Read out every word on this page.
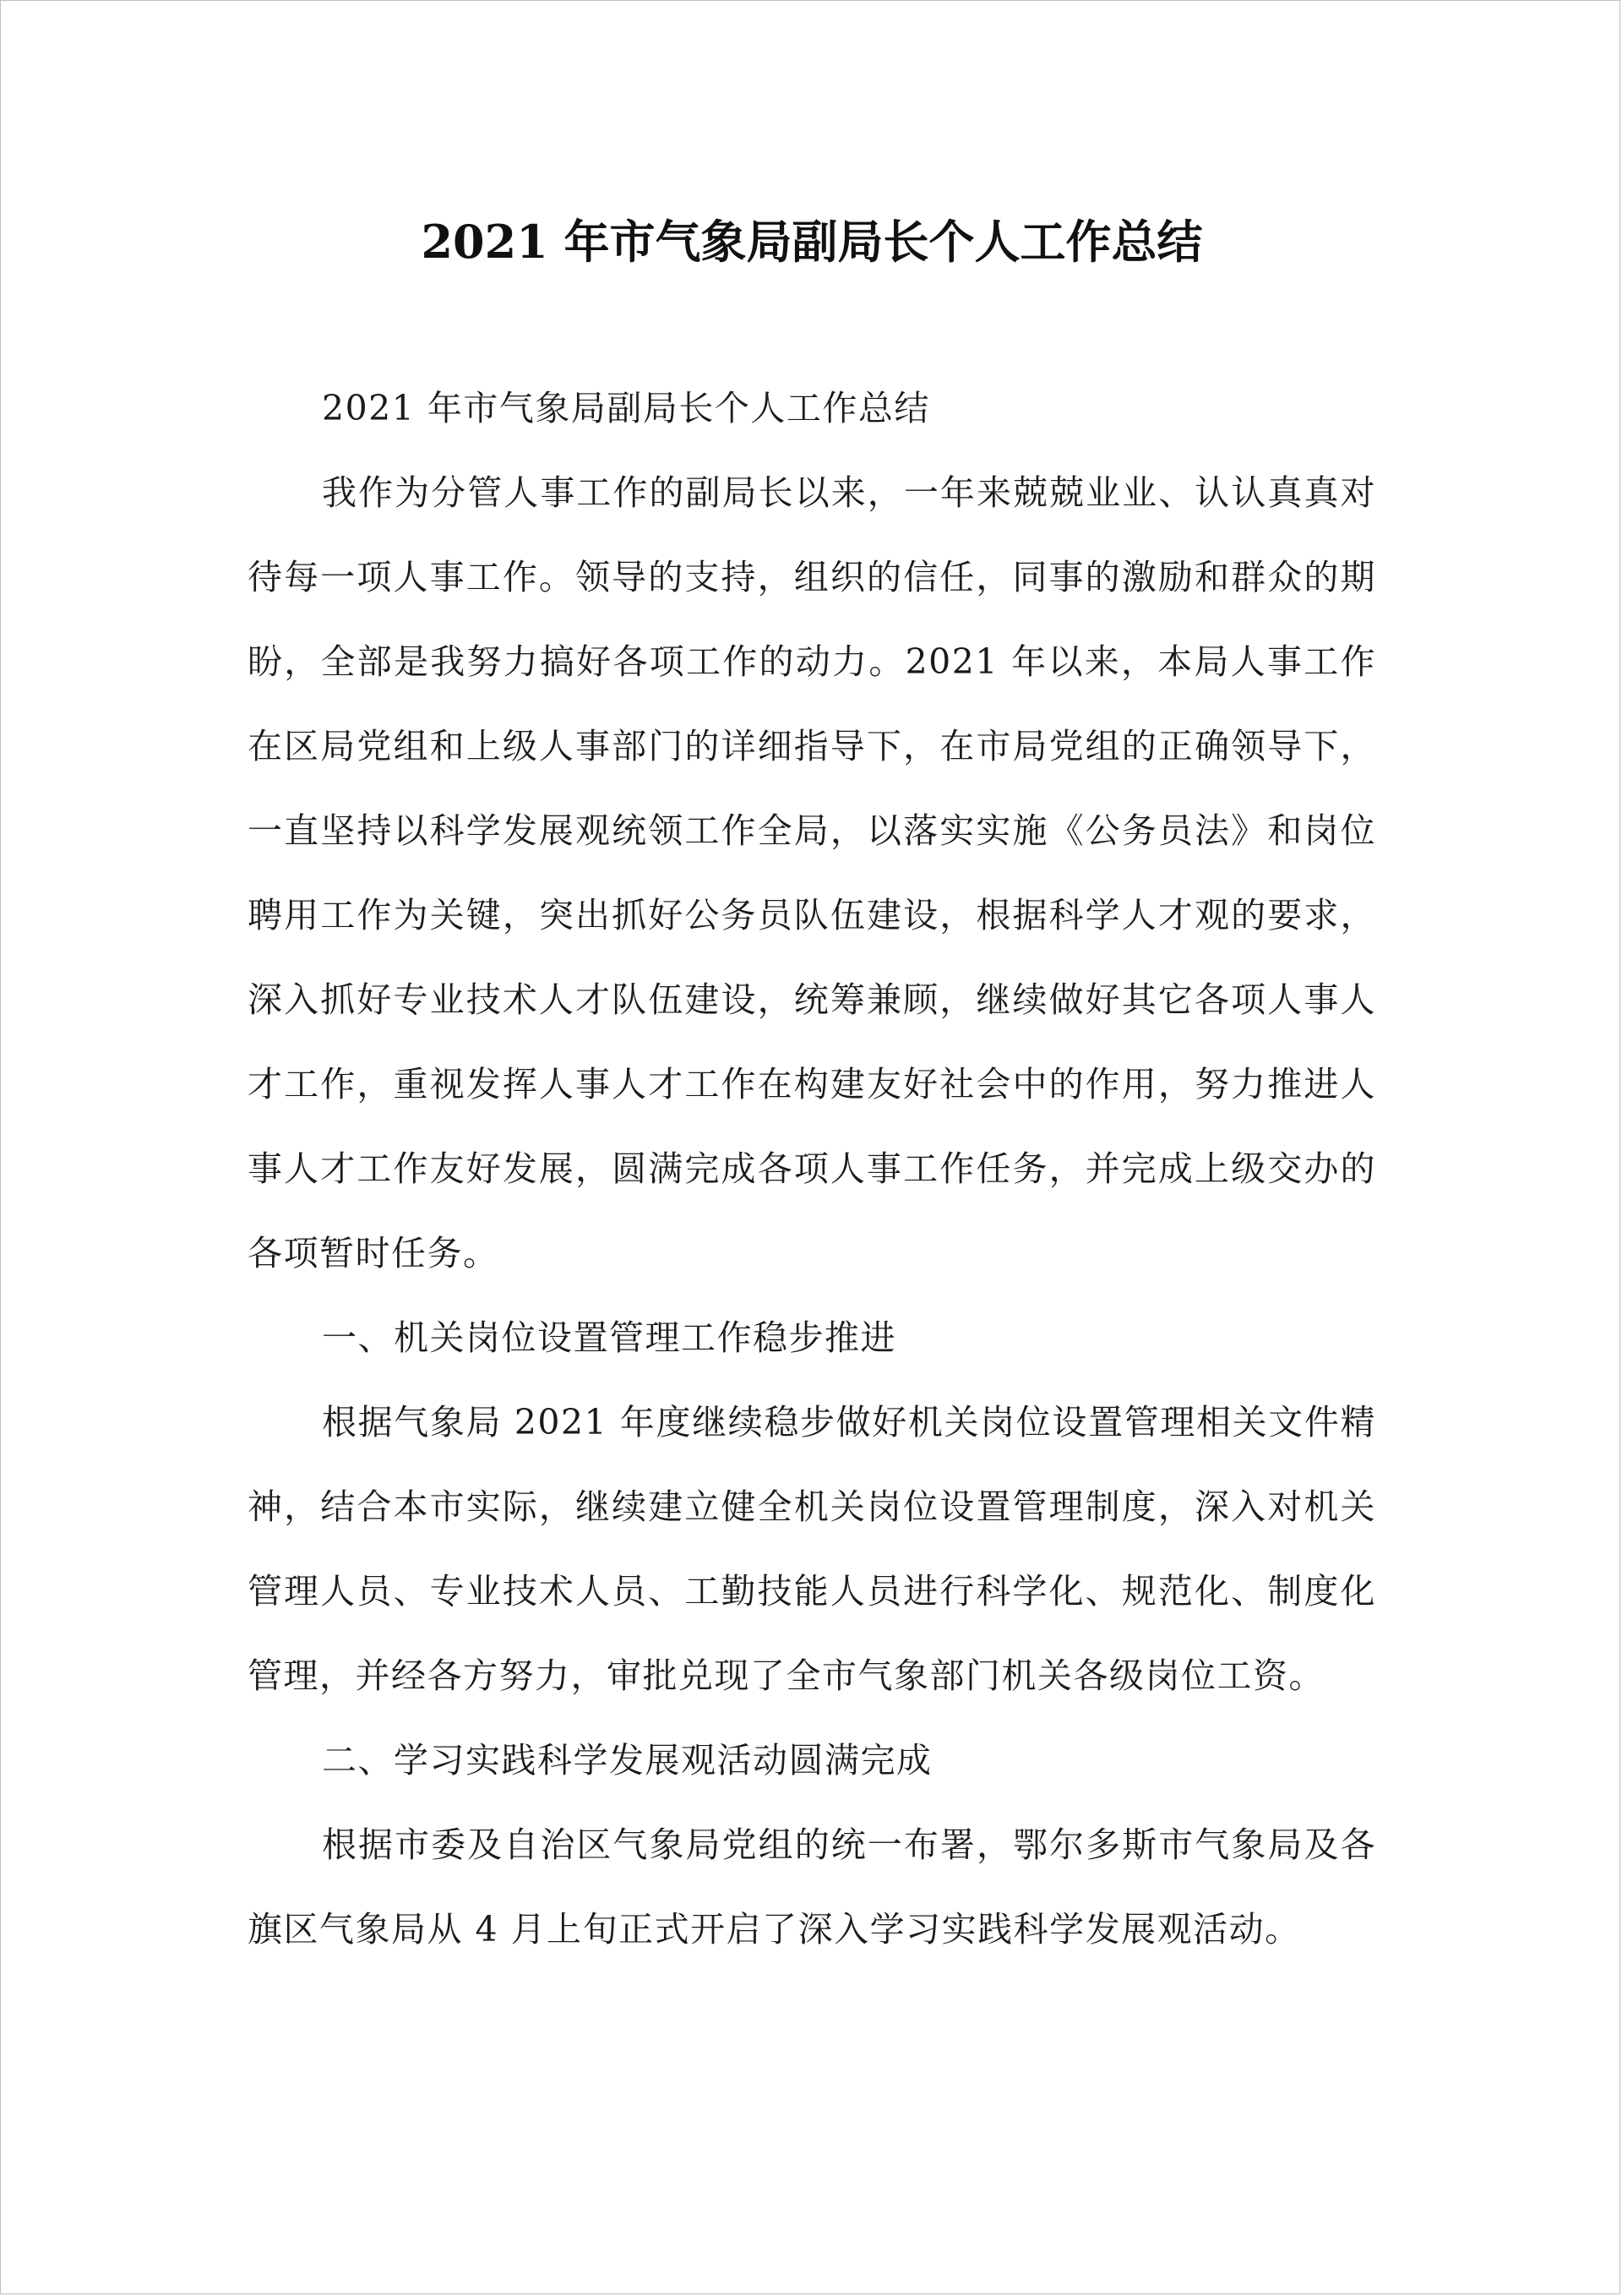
2021 年市气象局副局长个人工作总结

2021 年市气象局副局长个人工作总结

我作为分管人事工作的副局长以来，一年来兢兢业业、认认真真对待每一项人事工作。领导的支持，组织的信任，同事的激励和群众的期盼，全部是我努力搞好各项工作的动力。2021 年以来，本局人事工作在区局党组和上级人事部门的详细指导下，在市局党组的正确领导下，一直坚持以科学发展观统领工作全局，以落实实施《公务员法》和岗位聘用工作为关键，突出抓好公务员队伍建设，根据科学人才观的要求，深入抓好专业技术人才队伍建设，统筹兼顾，继续做好其它各项人事人才工作，重视发挥人事人才工作在构建友好社会中的作用，努力推进人事人才工作友好发展，圆满完成各项人事工作任务，并完成上级交办的各项暂时任务。

一、机关岗位设置管理工作稳步推进

根据气象局 2021 年度继续稳步做好机关岗位设置管理相关文件精神，结合本市实际，继续建立健全机关岗位设置管理制度，深入对机关管理人员、专业技术人员、工勤技能人员进行科学化、规范化、制度化管理，并经各方努力，审批兑现了全市气象部门机关各级岗位工资。

二、学习实践科学发展观活动圆满完成

根据市委及自治区气象局党组的统一布署，鄂尔多斯市气象局及各旗区气象局从 4 月上旬正式开启了深入学习实践科学发展观活动。
